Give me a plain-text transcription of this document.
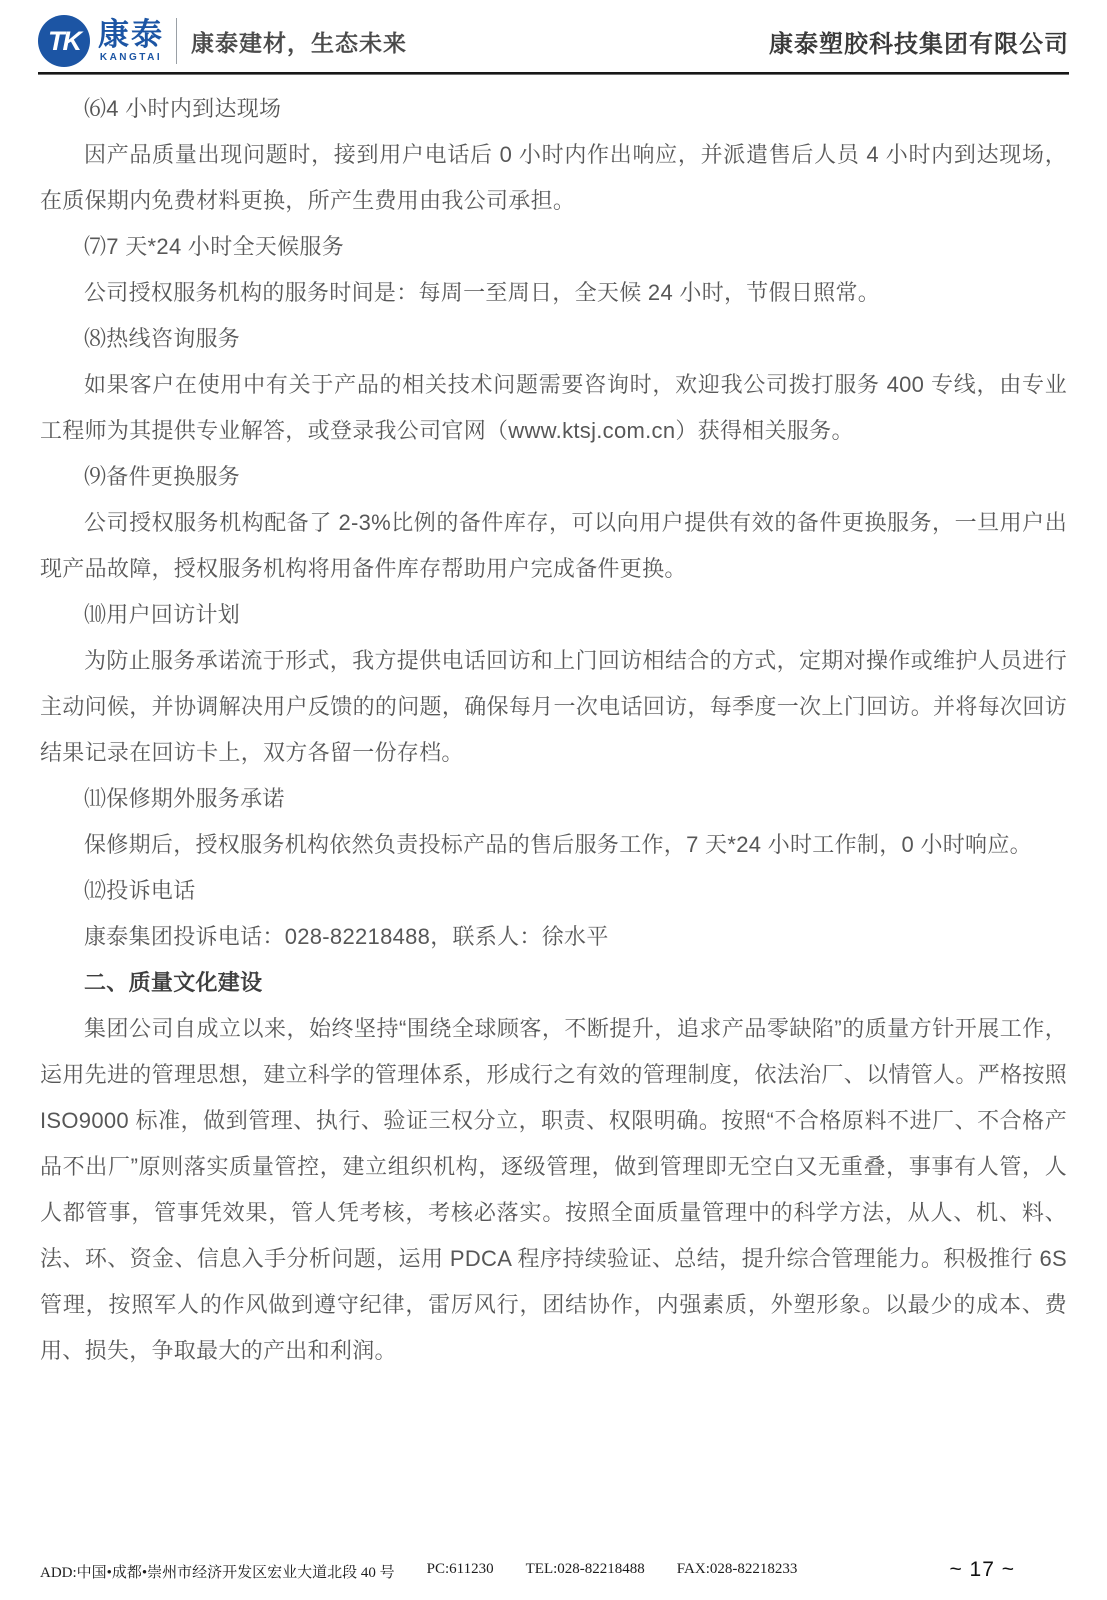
TK 康泰
KANGTAI
康泰建材，生态未来	康泰塑胶科技集团有限公司

⑹4 小时内到达现场

因产品质量出现问题时，接到用户电话后 0 小时内作出响应，并派遣售后人员 4 小时内到达现场，在质保期内免费材料更换，所产生费用由我公司承担。

⑺7 天*24 小时全天候服务

公司授权服务机构的服务时间是：每周一至周日，全天候 24 小时，节假日照常。

⑻热线咨询服务

如果客户在使用中有关于产品的相关技术问题需要咨询时，欢迎我公司拨打服务 400 专线，由专业工程师为其提供专业解答，或登录我公司官网（www.ktsj.com.cn）获得相关服务。

⑼备件更换服务

公司授权服务机构配备了 2-3%比例的备件库存，可以向用户提供有效的备件更换服务，一旦用户出现产品故障，授权服务机构将用备件库存帮助用户完成备件更换。

⑽用户回访计划

为防止服务承诺流于形式，我方提供电话回访和上门回访相结合的方式，定期对操作或维护人员进行主动问候，并协调解决用户反馈的的问题，确保每月一次电话回访，每季度一次上门回访。并将每次回访结果记录在回访卡上，双方各留一份存档。

⑾保修期外服务承诺

保修期后，授权服务机构依然负责投标产品的售后服务工作，7 天*24 小时工作制，0 小时响应。

⑿投诉电话

康泰集团投诉电话：028-82218488，联系人：徐水平

二、质量文化建设

集团公司自成立以来，始终坚持“围绕全球顾客，不断提升，追求产品零缺陷”的质量方针开展工作，运用先进的管理思想，建立科学的管理体系，形成行之有效的管理制度，依法治厂、以情管人。严格按照 ISO9000 标准，做到管理、执行、验证三权分立，职责、权限明确。按照“不合格原料不进厂、不合格产品不出厂”原则落实质量管控，建立组织机构，逐级管理，做到管理即无空白又无重叠，事事有人管，人人都管事，管事凭效果，管人凭考核，考核必落实。按照全面质量管理中的科学方法，从人、机、料、法、环、资金、信息入手分析问题，运用 PDCA 程序持续验证、总结，提升综合管理能力。积极推行 6S 管理，按照军人的作风做到遵守纪律，雷厉风行，团结协作，内强素质，外塑形象。以最少的成本、费用、损失，争取最大的产出和利润。

ADD:中国•成都•崇州市经济开发区宏业大道北段 40 号 PC:611230 TEL:028-82218488 FAX:028-82218233	~ 17 ~
